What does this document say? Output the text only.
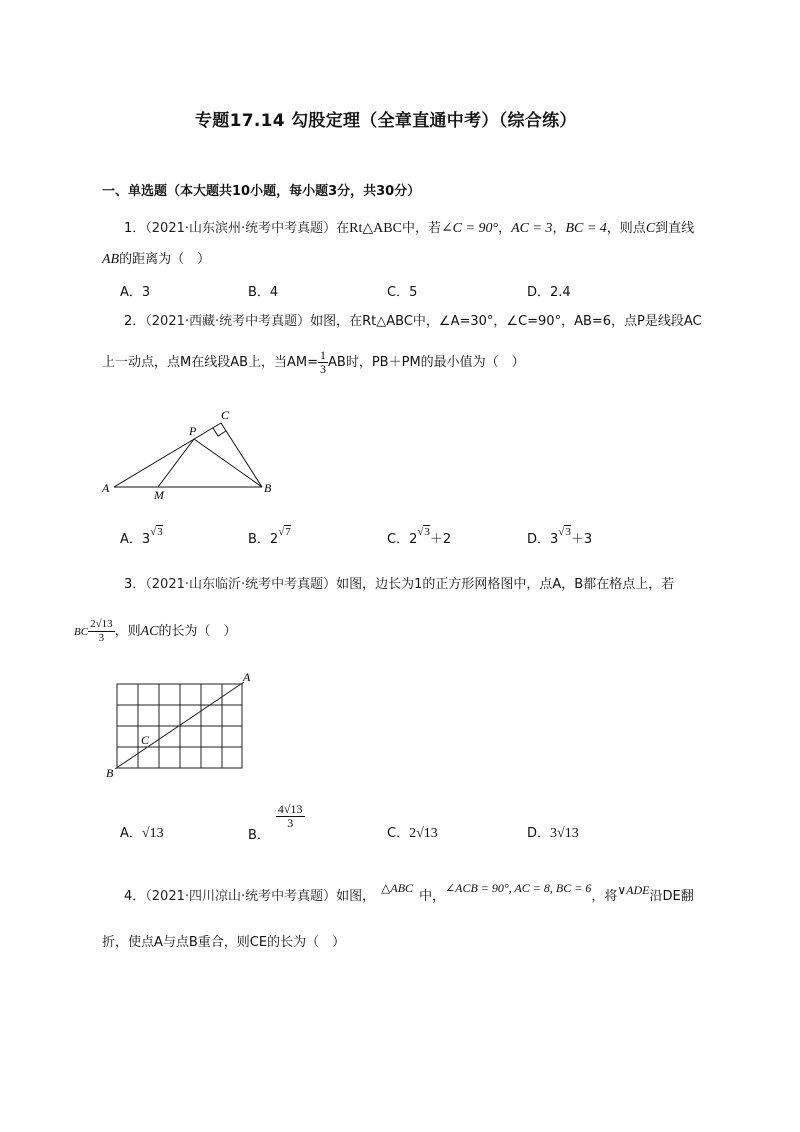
专题17.14 勾股定理（全章直通中考）（综合练）
一、单选题（本大题共10小题，每小题3分，共30分）
1．（2021·山东滨州·统考中考真题）在Rt△ABC中，若∠C = 90°，AC = 3，BC = 4，则点C到直线
AB的距离为（　）
A．3	B．4	C．5	D．2.4
2．（2021·西藏·统考中考真题）如图，在Rt△ABC中，∠A=30°，∠C=90°，AB=6，点P是线段AC
上一动点，点M在线段AB上，当$AM= \frac{1}{3}$ AB时，PB＋PM的最小值为（　）
A	B
C
P
M
A．$3^{√3}$	B．$2^{√7}$	C．$2^{√3}+2$	D．$3^{√3}+3$
3．（2021·山东临沂·统考中考真题）如图，边长为1的正方形网格图中，点A，B都在格点上，若
BC $\frac{2√13}{3}$ ，则AC的长为（　）
A
B
C
A．√13	B．
$\frac{4√13}{3}$
C．2√13	D．3√13
4．（2021·四川凉山·统考中考真题）如图，△ABC中，∠ACB = 90°, AC = 8, BC = 6，将∨ADE沿DE翻
折，使点A与点B重合，则CE的长为（　）
